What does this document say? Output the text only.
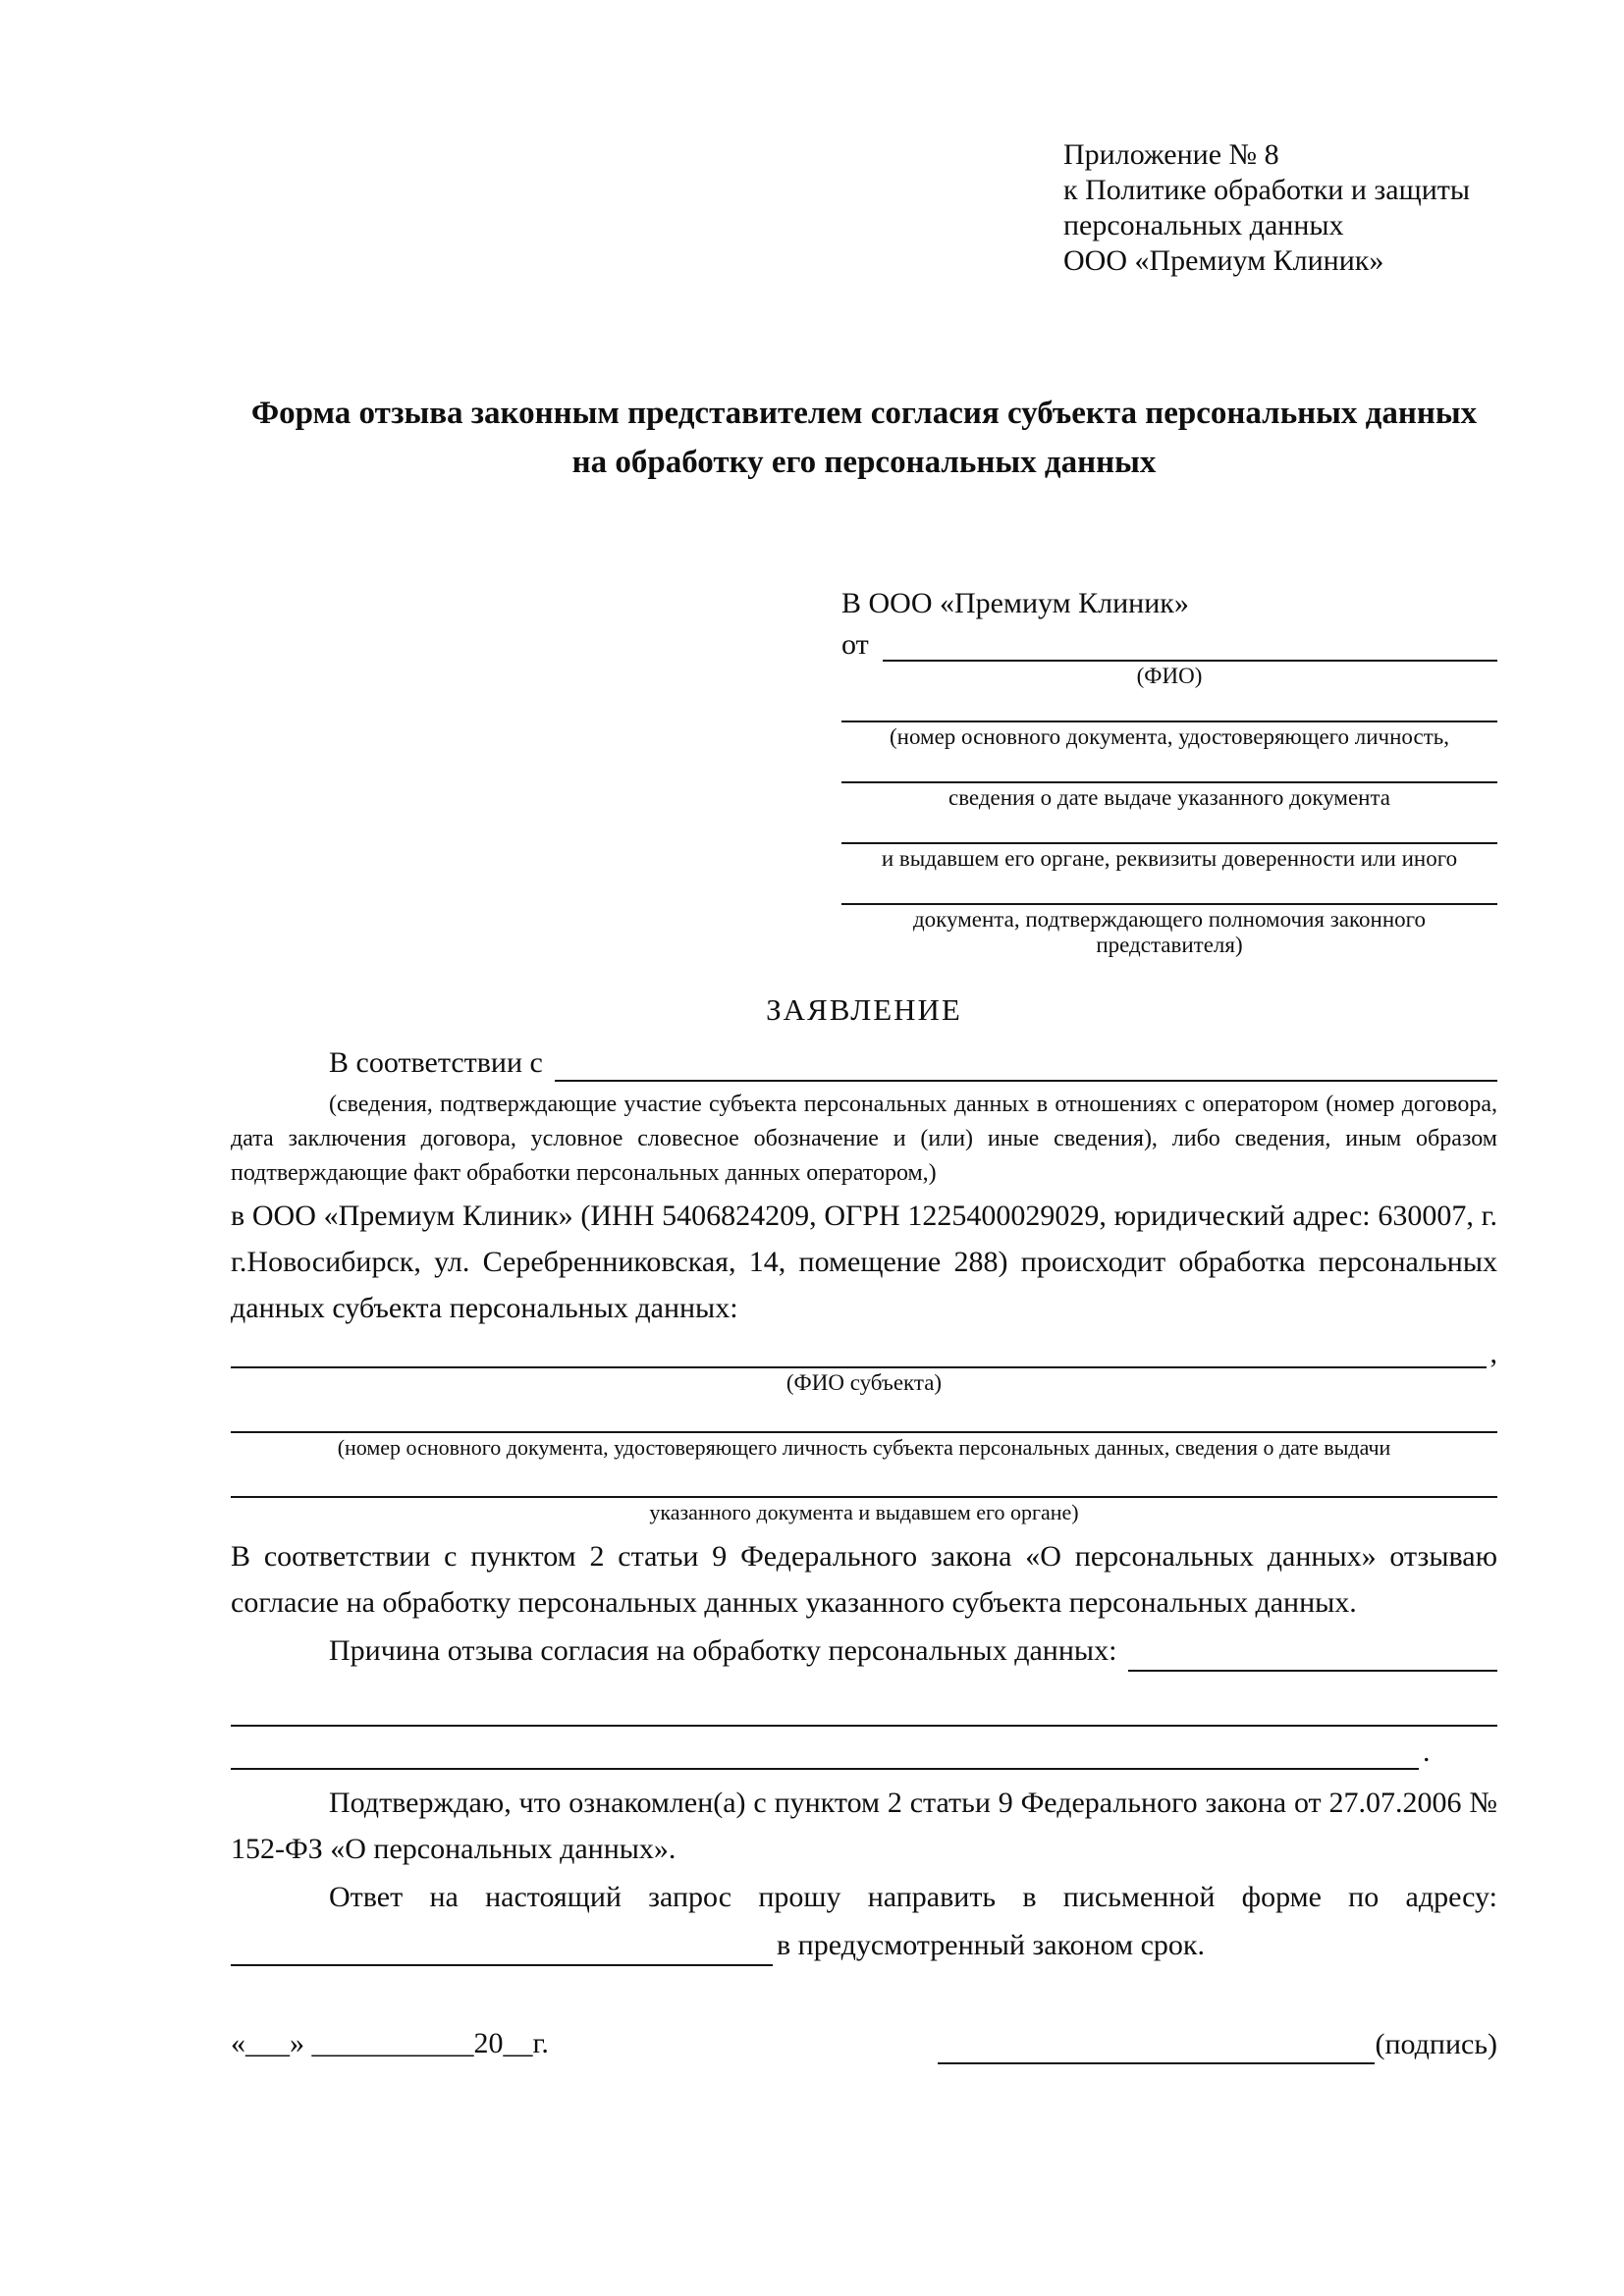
Приложение № 8
к Политике обработки и защиты
персональных данных
ООО «Премиум Клиник»
Форма отзыва законным представителем согласия субъекта персональных данных на обработку его персональных данных
В ООО «Премиум Клиник»
от
(ФИО)
(номер основного документа, удостоверяющего личность,
сведения о дате выдаче указанного документа
и выдавшем его органе, реквизиты доверенности или иного
документа, подтверждающего полномочия законного представителя)
ЗАЯВЛЕНИЕ
В соответствии с

(сведения, подтверждающие участие субъекта персональных данных в отношениях с оператором (номер договора, дата заключения договора, условное словесное обозначение и (или) иные сведения), либо сведения, иным образом подтверждающие факт обработки персональных данных оператором,)

в ООО «Премиум Клиник» (ИНН 5406824209, ОГРН 1225400029029, юридический адрес: 630007, г. г.Новосибирск, ул. Серебренниковская, 14, помещение 288) происходит обработка персональных данных субъекта персональных данных:

,
(ФИО субъекта)
(номер основного документа, удостоверяющего личность субъекта персональных данных, сведения о дате выдачи
указанного документа и выдавшем его органе)

В соответствии с пунктом 2 статьи 9 Федерального закона «О персональных данных» отзываю согласие на обработку персональных данных указанного субъекта персональных данных.

Причина отзыва согласия на обработку персональных данных:
.

Подтверждаю, что ознакомлен(а) с пунктом 2 статьи 9 Федерального закона от 27.07.2006 № 152-ФЗ «О персональных данных».

Ответ на настоящий запрос прошу направить в письменной форме по адресу:

в предусмотренный законом срок.
«___» ___________20__г.	(подпись)
